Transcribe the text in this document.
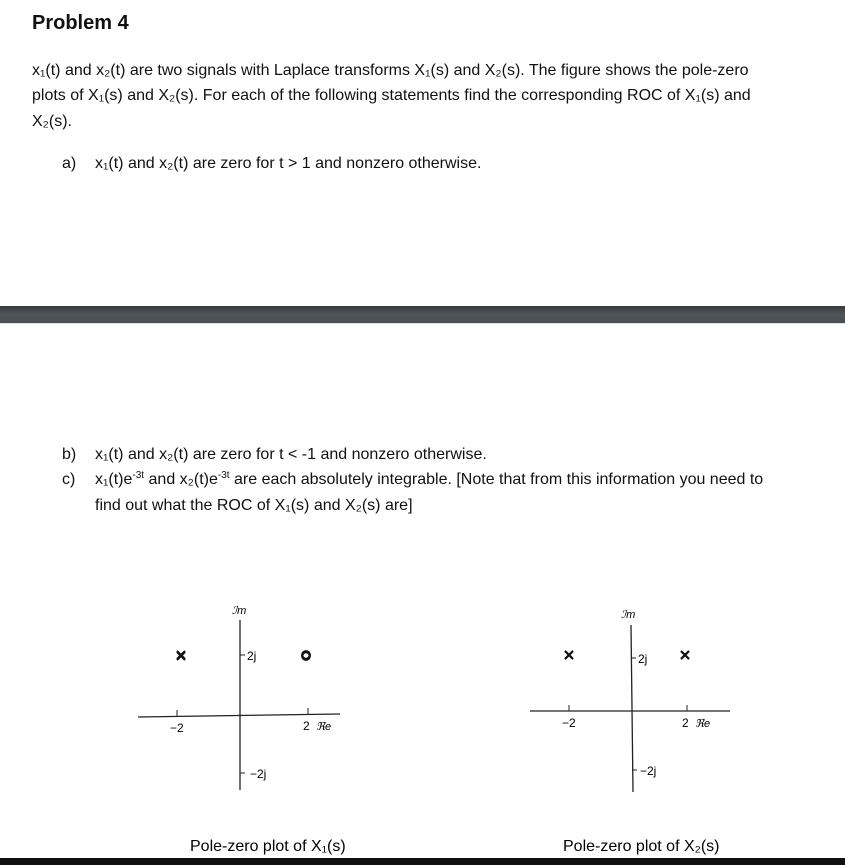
Problem 4
x₁(t) and x₂(t) are two signals with Laplace transforms X₁(s) and X₂(s). The figure shows the pole-zero
plots of X₁(s) and X₂(s). For each of the following statements find the corresponding ROC of X₁(s) and
X₂(s).
a) x₁(t) and x₂(t) are zero for t > 1 and nonzero otherwise.
b) x₁(t) and x₂(t) are zero for t < -1 and nonzero otherwise.
c) $x_1(t)e^{-3t}$ and $x_2(t)e^{-3t}$ are each absolutely integrable. [Note that from this information you need to
find out what the ROC of X₁(s) and X₂(s) are]
ℐm
2j
−2j
−2	2 ℜe
Pole-zero plot of X₁(s)
ℐm
2j
−2j
−2	2 ℜe
Pole-zero plot of X₂(s)
